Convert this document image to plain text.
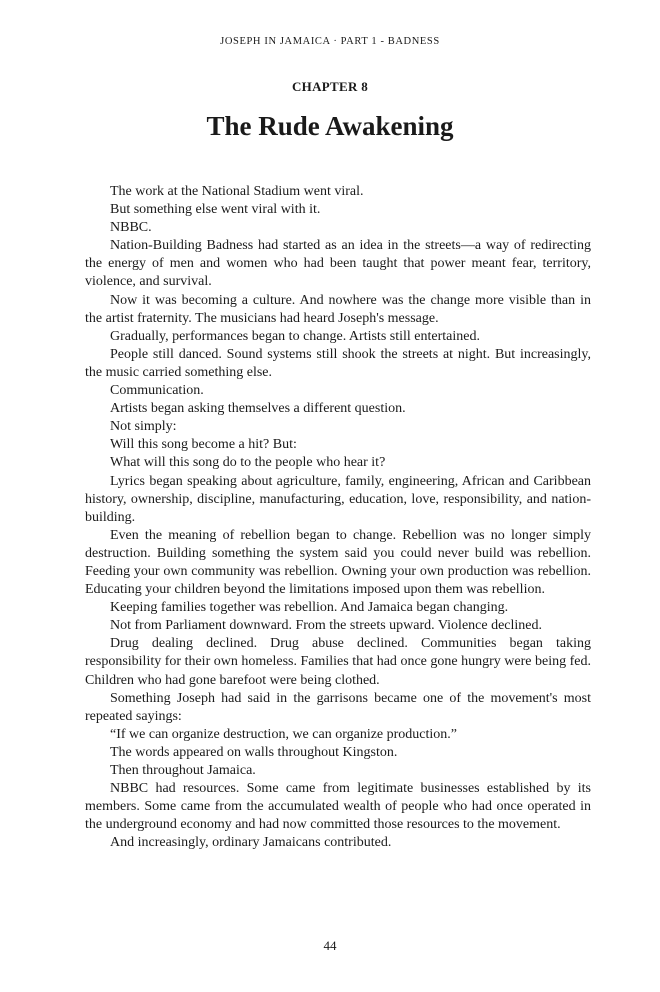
JOSEPH IN JAMAICA · PART 1 - BADNESS
CHAPTER 8
The Rude Awakening

The work at the National Stadium went viral.

But something else went viral with it.

NBBC.

Nation-Building Badness had started as an idea in the streets—a way of redirecting the energy of men and women who had been taught that power meant fear, territory, violence, and survival.

Now it was becoming a culture. And nowhere was the change more visible than in the artist fraternity. The musicians had heard Joseph's message.

Gradually, performances began to change. Artists still entertained.

People still danced. Sound systems still shook the streets at night. But increasingly, the music carried something else.

Communication.

Artists began asking themselves a different question.

Not simply:

Will this song become a hit? But:

What will this song do to the people who hear it?

Lyrics began speaking about agriculture, family, engineering, African and Caribbean history, ownership, discipline, manufacturing, education, love, responsibility, and nation-building.

Even the meaning of rebellion began to change. Rebellion was no longer simply destruction. Building something the system said you could never build was rebellion. Feeding your own community was rebellion. Owning your own production was rebellion. Educating your children beyond the limitations imposed upon them was rebellion.

Keeping families together was rebellion. And Jamaica began changing.

Not from Parliament downward. From the streets upward. Violence declined.

Drug dealing declined. Drug abuse declined. Communities began taking responsibility for their own homeless. Families that had once gone hungry were being fed. Children who had gone barefoot were being clothed.

Something Joseph had said in the garrisons became one of the movement's most repeated sayings:

“If we can organize destruction, we can organize production.”

The words appeared on walls throughout Kingston.

Then throughout Jamaica.

NBBC had resources. Some came from legitimate businesses established by its members. Some came from the accumulated wealth of people who had once operated in the underground economy and had now committed those resources to the movement.

And increasingly, ordinary Jamaicans contributed.

44
